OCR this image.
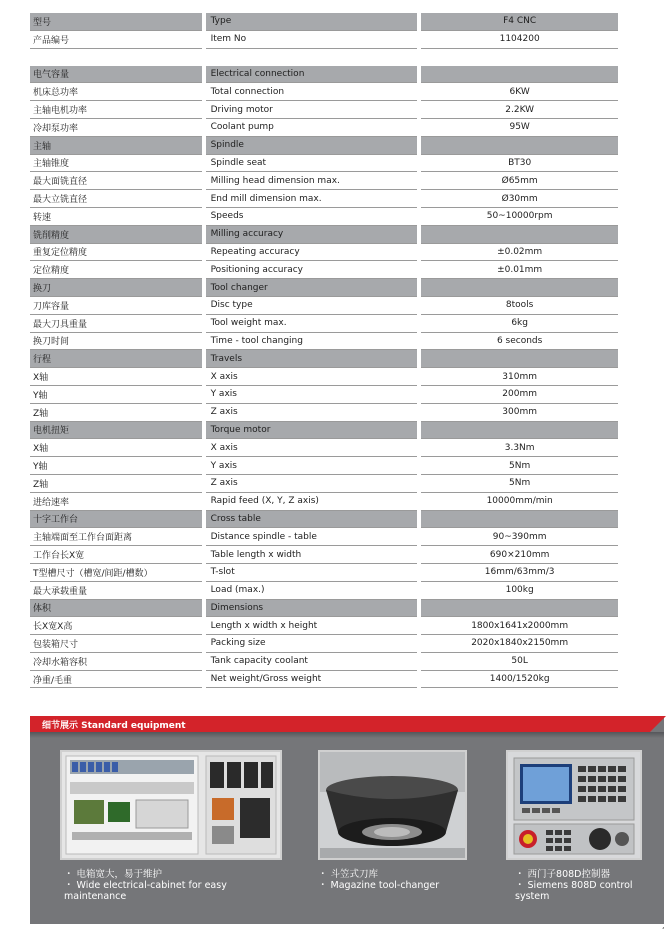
型号	Type	F4 CNC
产品编号	Item No	1104200

电气容量	Electrical connection	
机床总功率	Total connection	6KW
主轴电机功率	Driving motor	2.2KW
冷却泵功率	Coolant pump	95W
主轴	Spindle	
主轴锥度	Spindle seat	BT30
最大面铣直径	Milling head dimension max.	Ø65mm
最大立铣直径	End mill dimension max.	Ø30mm
转速	Speeds	50~10000rpm
铣削精度	Milling accuracy	
重复定位精度	Repeating accuracy	±0.02mm
定位精度	Positioning accuracy	±0.01mm
换刀	Tool changer	
刀库容量	Disc type	8tools
最大刀具重量	Tool weight max.	6kg
换刀时间	Time - tool changing	6 seconds
行程	Travels	
X轴	X axis	310mm
Y轴	Y axis	200mm
Z轴	Z axis	300mm
电机扭矩	Torque motor	
X轴	X axis	3.3Nm
Y轴	Y axis	5Nm
Z轴	Z axis	5Nm
进给速率	Rapid feed (X, Y, Z axis)	10000mm/min
十字工作台	Cross table	
主轴端面至工作台面距离	Distance spindle - table	90~390mm
工作台长X宽	Table length x width	690×210mm
T型槽尺寸（槽宽/间距/槽数）	T-slot	16mm/63mm/3
最大承载重量	Load (max.)	100kg
体积	Dimensions	
长X宽X高	Length x width x height	1800x1641x2000mm
包装箱尺寸	Packing size	2020x1840x2150mm
冷却水箱容积	Tank capacity coolant	50L
净重/毛重	Net weight/Gross weight	1400/1520kg
细节展示 Standard equipment
・ 电箱宽大，易于维护
・ Wide electrical-cabinet for easy
maintenance
・ 斗笠式刀库
・ Magazine tool-changer
・ 西门子808D控制器
・ Siemens 808D control
system
‘
